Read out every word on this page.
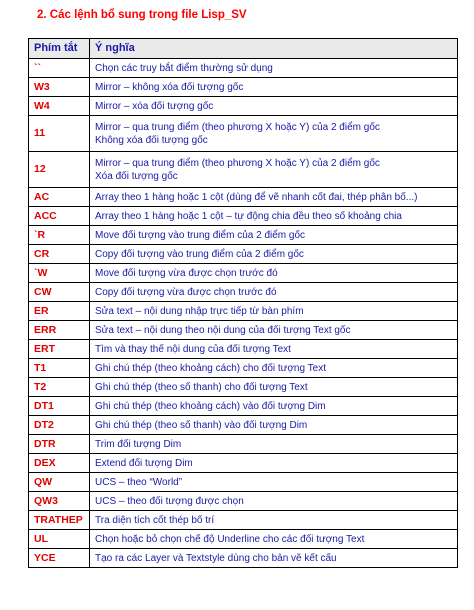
2. Các lệnh bổ sung trong file Lisp_SV
Phím tắt	Ý nghĩa
``	Chọn các truy bắt điểm thường sử dụng

W3	Mirror – không xóa đối tượng gốc

W4	Mirror – xóa đối tượng gốc

11	Mirror – qua trung điểm (theo phương X hoặc Y) của 2 điểm gốc
Không xóa đối tượng gốc

12	Mirror – qua trung điểm (theo phương X hoặc Y) của 2 điểm gốc
Xóa đối tượng gốc

AC	Array theo 1 hàng hoặc 1 cột (dùng để vẽ nhanh cốt đai, thép phân bố...)

ACC	Array theo 1 hàng hoặc 1 cột – tự động chia đều theo số khoảng chia

`R	Move đối tượng vào trung điểm của 2 điểm gốc

CR	Copy đối tượng vào trung điểm của 2 điểm gốc

`W	Move đối tượng vừa được chọn trước đó

CW	Copy đối tượng vừa được chọn trước đó

ER	Sửa text – nội dung nhập trực tiếp từ bàn phím

ERR	Sửa text – nội dung theo nội dung của đối tượng Text gốc

ERT	Tìm và thay thế nội dung của đối tượng Text

T1	Ghi chú thép (theo khoảng cách) cho đối tượng Text

T2	Ghi chú thép (theo số thanh) cho đối tượng Text

DT1	Ghi chú thép (theo khoảng cách) vào đối tượng Dim

DT2	Ghi chú thép (theo số thanh) vào đối tượng Dim

DTR	Trim đối tượng Dim

DEX	Extend đối tượng Dim

QW	UCS – theo “World”

QW3	UCS – theo đối tượng được chọn

TRATHEP	Tra diện tích cốt thép bố trí

UL	Chọn hoặc bỏ chọn chế độ Underline cho các đối tượng Text

YCE	Tạo ra các Layer và Textstyle dùng cho bản vẽ kết cấu
